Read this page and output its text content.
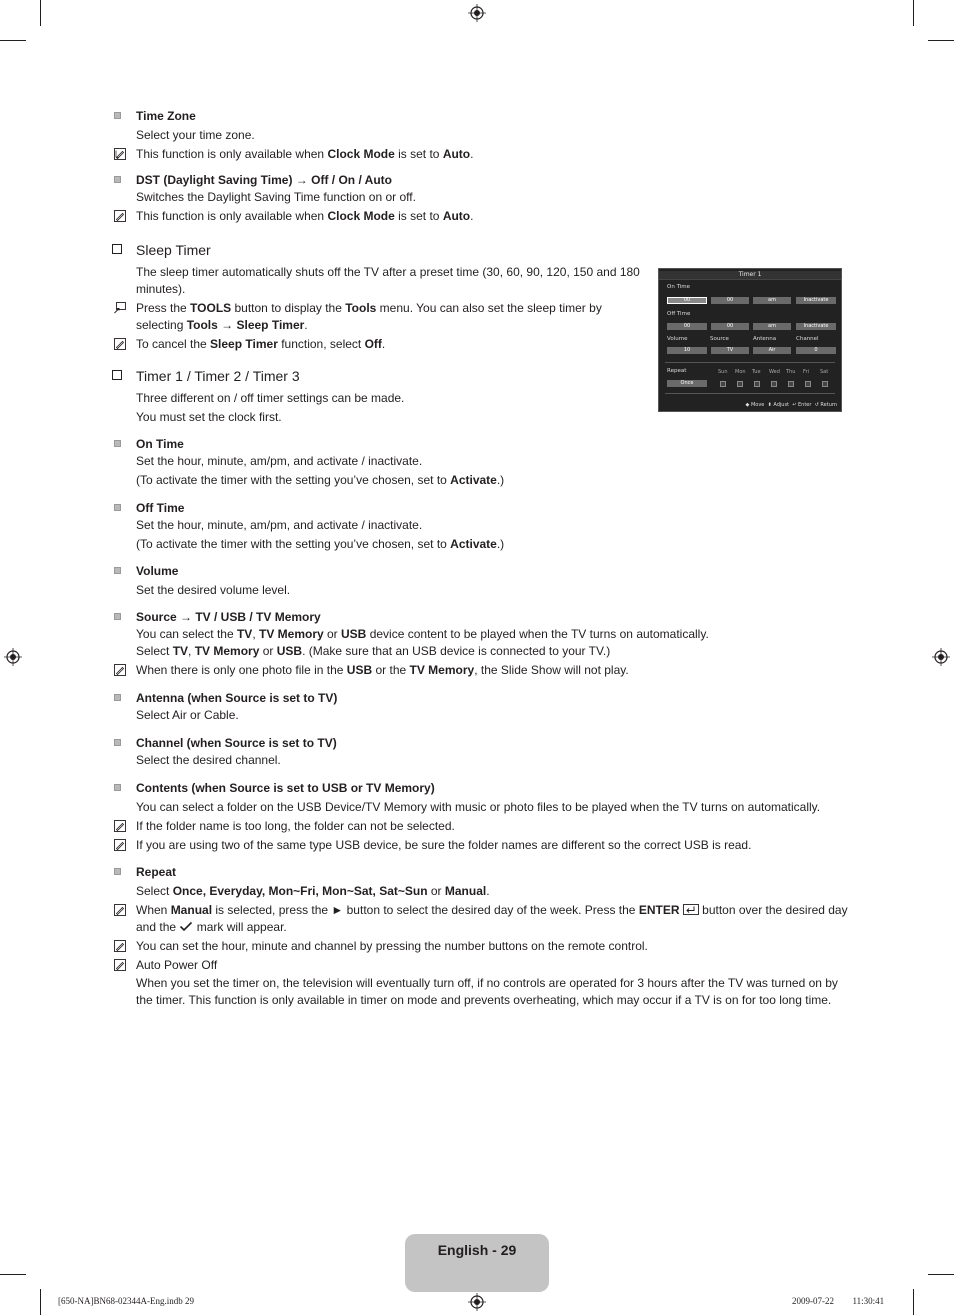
Time Zone
Select your time zone.
This function is only available when Clock Mode is set to Auto.
DST (Daylight Saving Time) → Off / On / Auto
Switches the Daylight Saving Time function on or off.
This function is only available when Clock Mode is set to Auto.
Sleep Timer
The sleep timer automatically shuts off the TV after a preset time (30, 60, 90, 120, 150 and 180 minutes).
Press the TOOLS button to display the Tools menu. You can also set the sleep timer by selecting Tools → Sleep Timer.
To cancel the Sleep Timer function, select Off.
Timer 1 / Timer 2 / Timer 3
Three different on / off timer settings can be made.
You must set the clock first.
On Time
Set the hour, minute, am/pm, and activate / inactivate.
(To activate the timer with the setting you’ve chosen, set to Activate.)
Off Time
Set the hour, minute, am/pm, and activate / inactivate.
(To activate the timer with the setting you’ve chosen, set to Activate.)
Volume
Set the desired volume level.
Source → TV / USB / TV Memory
You can select the TV, TV Memory or USB device content to be played when the TV turns on automatically.
Select TV, TV Memory or USB. (Make sure that an USB device is connected to your TV.)
When there is only one photo file in the USB or the TV Memory, the Slide Show will not play.
Antenna (when Source is set to TV)
Select Air or Cable.
Channel (when Source is set to TV)
Select the desired channel.
Contents (when Source is set to USB or TV Memory)
You can select a folder on the USB Device/TV Memory with music or photo files to be played when the TV turns on automatically.
If the folder name is too long, the folder can not be selected.
If you are using two of the same type USB device, be sure the folder names are different so the correct USB is read.
Repeat
Select Once, Everyday, Mon~Fri, Mon~Sat, Sat~Sun or Manual.
When Manual is selected, press the ► button to select the desired day of the week. Press the ENTER  button over the desired day and the  mark will appear.
You can set the hour, minute and channel by pressing the number buttons on the remote control.
Auto Power Off
When you set the timer on, the television will eventually turn off, if no controls are operated for 3 hours after the TV was turned on by the timer. This function is only available in timer on mode and prevents overheating, which may occur if a TV is on for too long time.
Timer 1
On Time
00	00	am	Inactivate
Off Time
00	00	am	Inactivate
Volume	Source	Antenna	Channel
10	TV	Air	0
Repeat
Once
Sun Mon Tue Wed Thu Fri Sat
◆ Move ⬍ Adjust ↵ Enter ↺ Return
English - 29
[650-NA]BN68-02344A-Eng.indb 29	2009-07-22 ￿￿ 11:30:41
